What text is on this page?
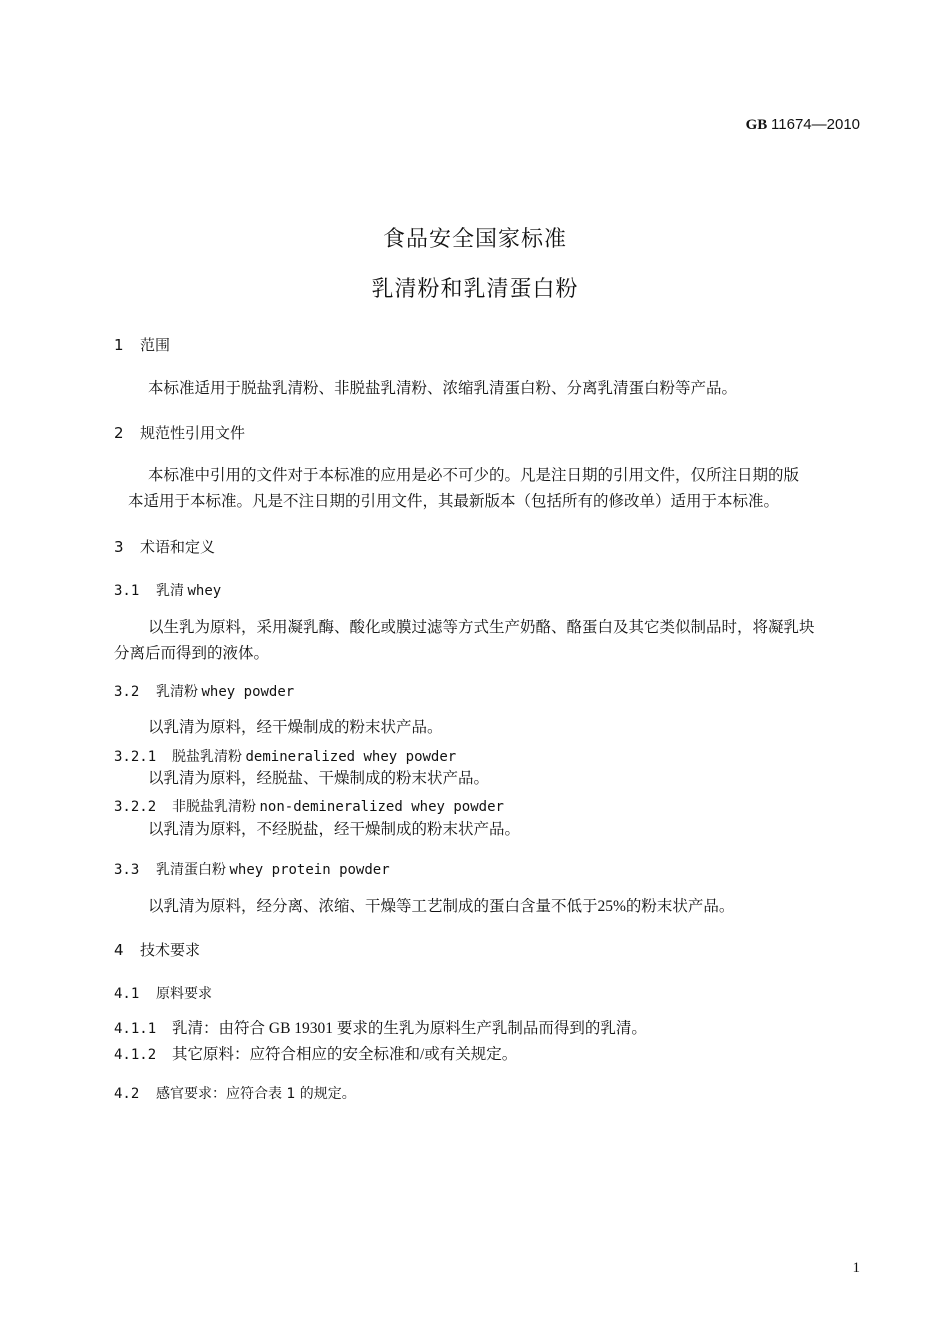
GB 11674—2010
食品安全国家标准
乳清粉和乳清蛋白粉
1 范围
本标准适用于脱盐乳清粉、非脱盐乳清粉、浓缩乳清蛋白粉、分离乳清蛋白粉等产品。
2 规范性引用文件
本标准中引用的文件对于本标准的应用是必不可少的。凡是注日期的引用文件，仅所注日期的版
本适用于本标准。凡是不注日期的引用文件，其最新版本（包括所有的修改单）适用于本标准。
3 术语和定义
3.1 乳清 whey
以生乳为原料，采用凝乳酶、酸化或膜过滤等方式生产奶酪、酪蛋白及其它类似制品时，将凝乳块
分离后而得到的液体。
3.2 乳清粉 whey powder
以乳清为原料，经干燥制成的粉末状产品。
3.2.1 脱盐乳清粉 demineralized whey powder
以乳清为原料，经脱盐、干燥制成的粉末状产品。
3.2.2 非脱盐乳清粉 non-demineralized whey powder
以乳清为原料，不经脱盐，经干燥制成的粉末状产品。
3.3 乳清蛋白粉 whey protein powder
以乳清为原料，经分离、浓缩、干燥等工艺制成的蛋白含量不低于25%的粉末状产品。
4 技术要求
4.1 原料要求
4.1.1 乳清：由符合 GB 19301 要求的生乳为原料生产乳制品而得到的乳清。
4.1.2 其它原料：应符合相应的安全标准和/或有关规定。
4.2 感官要求：应符合表 1 的规定。
1
